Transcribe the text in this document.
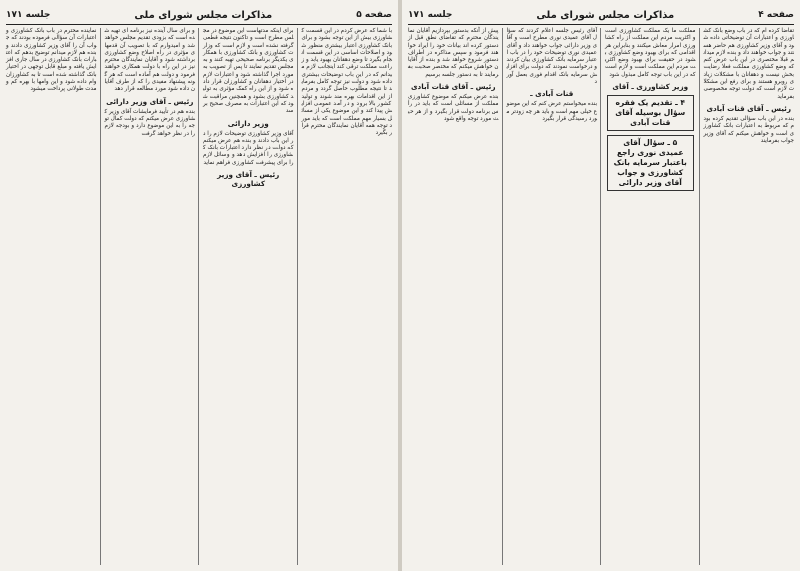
صفحه ۵
مذاکرات مجلس شورای ملی
جلسه ۱۷۱
با شما که عرض کردم در این قسمت کشاورزی بیش از این توجه بشود و برای بانک کشاورزی اعتبار بیشتری منظور شود و اصلاحات اساسی در این قسمت انجام بگیرد تا وضع دهقانان بهبود یابد و زراعت مملکت ترقی کند اینجانب لازم میدانم که در این باب توضیحات بیشتری داده شود و دولت نیز توجه کامل بفرماید تا نتیجه مطلوب حاصل گردد و مردم از این اقدامات بهره مند شوند و تولید کشور بالا برود و در آمد عمومی افزایش پیدا کند و این موضوع یکی از مسائل بسیار مهم مملکت است که باید مورد توجه همه آقایان نمایندگان محترم قرار بگیرد
برای اینکه مدتهاست این موضوع در مجلس مطرح است و تاکنون نتیجه قطعی گرفته نشده است و لازم است که وزارت کشاورزی و بانک کشاورزی با همکاری یکدیگر برنامه صحیحی تهیه کنند و به مجلس تقدیم نمایند تا پس از تصویب به مورد اجرا گذاشته شود و اعتبارات لازم در اختیار دهقانان و کشاورزان قرار داده شود و از این راه کمک مؤثری به تولید کشاورزی بشود و همچنین مراقبت شود که این اعتبارات به مصرف صحیح برسد
وزیر دارائی
آقای وزیر کشاورزی توضیحات لازم را در این باب دادند و بنده هم عرض میکنم که دولت در نظر دارد اعتبارات بانک کشاورزی را افزایش دهد و وسائل لازم را برای پیشرفت کشاورزی فراهم نماید
رئیس ـ آقای وزیر کشاورزی
و برای سال آینده نیز برنامه ای تهیه شده است که بزودی تقدیم مجلس خواهد شد و امیدوارم که با تصویب آن قدمهای مؤثری در راه اصلاح وضع کشاورزی برداشته شود و آقایان نمایندگان محترم نیز در این راه با دولت همکاری خواهند فرمود و دولت هم آماده است که هر گونه پیشنهاد مفیدی را که از طرف آقایان داده شود مورد مطالعه قرار دهد
رئیس ـ آقای وزیر دارائی
بنده هم در تأیید فرمایشات آقای وزیر کشاورزی عرض میکنم که دولت کمال توجه را به این موضوع دارد و بودجه لازم را در نظر خواهد گرفت
نماینده محترم در باب بانک کشاورزی و اعتبارات آن سؤالی فرموده بودند که جواب آن را آقای وزیر کشاورزی دادند و بنده هم لازم میدانم توضیح بدهم که اعتبارات بانک کشاورزی در سال جاری افزایش یافته و مبلغ قابل توجهی در اختیار بانک گذاشته شده است تا به کشاورزان وام داده شود و این وامها با بهره کم و مدت طولانی پرداخت میشود
صفحه ۴
مذاکرات مجلس شورای ملی
جلسه ۱۷۱
تقاضا کرده ام که در باب وضع بانک کشاورزی و اعتبارات آن توضیحاتی داده شود و آقای وزیر کشاورزی هم حاضر هستند و جواب خواهند داد و بنده لازم میدانم قبلا مختصری در این باب عرض کنم که وضع کشاورزی مملکت فعلا رضایت بخش نیست و دهقانان با مشکلات زیادی روبرو هستند و برای رفع این مشکلات لازم است که دولت توجه مخصوصی بفرماید
رئیس ـ آقای قنات آبادی
بنده در این باب سؤالی تقدیم کرده بودم که مربوط به اعتبارات بانک کشاورزی است و خواهش میکنم که آقای وزیر جواب بفرمایند
مملکت ما یک مملکت کشاورزی است و اکثریت مردم این مملکت از راه کشاورزی امرار معاش میکنند و بنابراین هر اقدامی که برای بهبود وضع کشاورزی بشود در حقیقت برای بهبود وضع اکثریت مردم این مملکت است و لازم است که در این باب توجه کامل مبذول شود
وزیر کشاورزی ـ آقای
۴ ـ تقدیم یک فقره سؤال بوسیله آقای قنات آبادی
۵ ـ سؤال آقای عمیدی نوری راجع باعتبار سرمایه بانک کشاورزی و جواب آقای وزیر دارائی
آقای رئیس جلسه اعلام کردند که سؤال آقای عمیدی نوری مطرح است و آقای وزیر دارائی جواب خواهند داد و آقای عمیدی نوری توضیحات خود را در باب اعتبار سرمایه بانک کشاورزی بیان کردند و درخواست نمودند که دولت برای افزایش سرمایه بانک اقدام فوری بعمل آورد
قنات آبادی ـ
بنده میخواستم عرض کنم که این موضوع خیلی مهم است و باید هر چه زودتر مورد رسیدگی قرار بگیرد
پیش از آنکه بدستور بپردازیم آقایان نمایندگان محترم که تقاضای نطق قبل از دستور کرده اند بیانات خود را ایراد خواهند فرمود و سپس مذاکره در اطراف دستور شروع خواهد شد و بنده از آقایان خواهش میکنم که مختصر صحبت بفرمایند تا به دستور جلسه برسیم
رئیس ـ آقای قنات آبادی
بنده عرض میکنم که موضوع کشاورزی مملکت از مسائلی است که باید در رأس برنامه دولت قرار بگیرد و از هر حیث مورد توجه واقع شود
